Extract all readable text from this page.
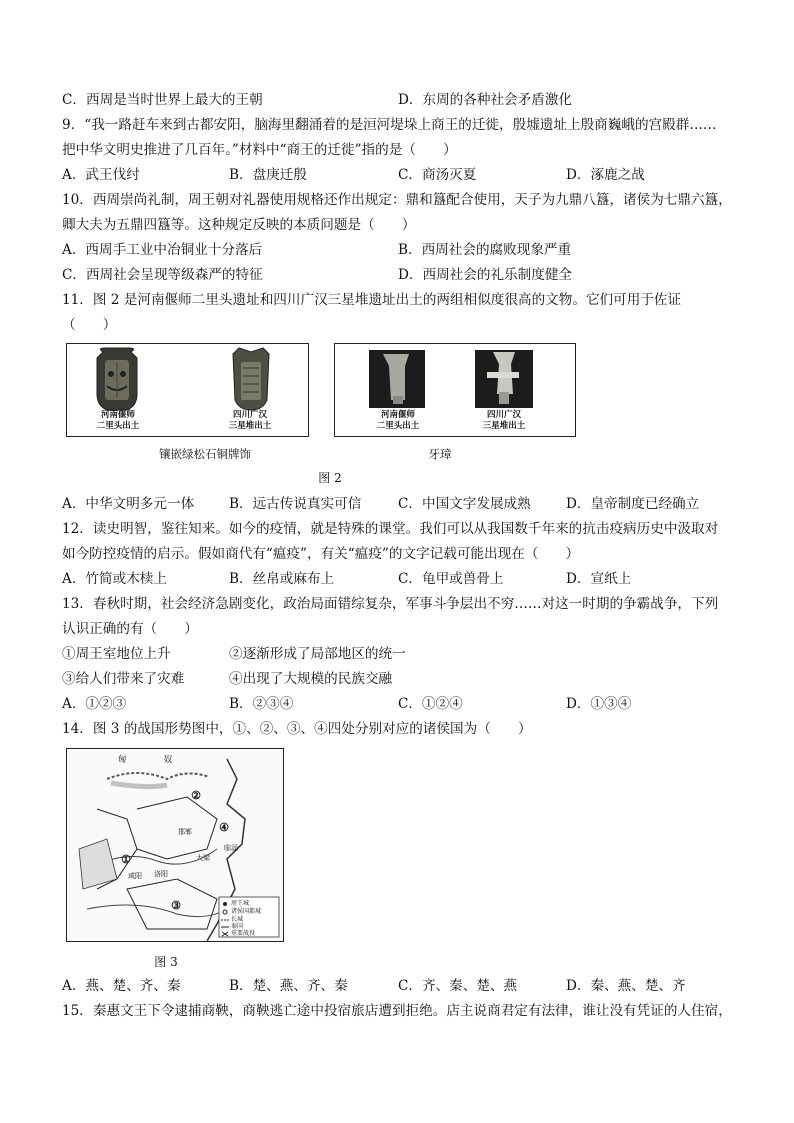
C．西周是当时世界上最大的王朝	D．东周的各种社会矛盾激化
9．“我一路赶车来到古都安阳，脑海里翻涌着的是洹河堤垛上商王的迁徙，殷墟遗址上殷商巍峨的宫殿群……
把中华文明史推进了几百年。”材料中“商王的迁徙”指的是（　　）
A．武王伐纣	B．盘庚迁殷	C．商汤灭夏	D．涿鹿之战
10．西周崇尚礼制，周王朝对礼器使用规格还作出规定：鼎和簋配合使用，天子为九鼎八簋，诸侯为七鼎六簋，
卿大夫为五鼎四簋等。这种规定反映的本质问题是（　　）
A．西周手工业中冶铜业十分落后	B．西周社会的腐败现象严重
C．西周社会呈现等级森严的特征	D．西周社会的礼乐制度健全
11．图 2 是河南偃师二里头遗址和四川广汉三星堆遗址出土的两组相似度很高的文物。它们可用于佐证
（　　）
河南偃师
二里头出土
四川广汉
三星堆出土
河南偃师
二里头出土
四川广汉
三星堆出土
镶嵌绿松石铜牌饰	牙璋
图 2
A．中华文明多元一体	B．远古传说真实可信	C．中国文字发展成熟	D．皇帝制度已经确立
12．读史明智，鉴往知来。如今的疫情，就是特殊的课堂。我们可以从我国数千年来的抗击疫病历史中汲取对
如今防控疫情的启示。假如商代有“瘟疫”，有关“瘟疫”的文字记载可能出现在（　　）
A．竹简或木椟上	B．丝帛或麻布上	C．龟甲或兽骨上	D．宣纸上
13．春秋时期，社会经济急剧变化，政治局面错综复杂，军事斗争层出不穷……对这一时期的争霸战争，下列
认识正确的有（　　）
①周王室地位上升	②逐渐形成了局部地区的统一
③给人们带来了灾难	④出现了大规模的民族交融
A．①②③	B．②③④	C．①②④	D．①③④
14．图 3 的战国形势图中，①、②、③、④四处分别对应的诸侯国为（　　）
匈	奴
②
④
①
③
咸阳	洛阳
邯郸
大梁
临淄
周王城
诸侯国都城
长城
秦国
重要战役
图 3
A．燕、楚、齐、秦	B．楚、燕、齐、秦	C．齐、秦、楚、燕	D．秦、燕、楚、齐
15．秦惠文王下令逮捕商鞅，商鞅逃亡途中投宿旅店遭到拒绝。店主说商君定有法律，谁让没有凭证的人住宿，
